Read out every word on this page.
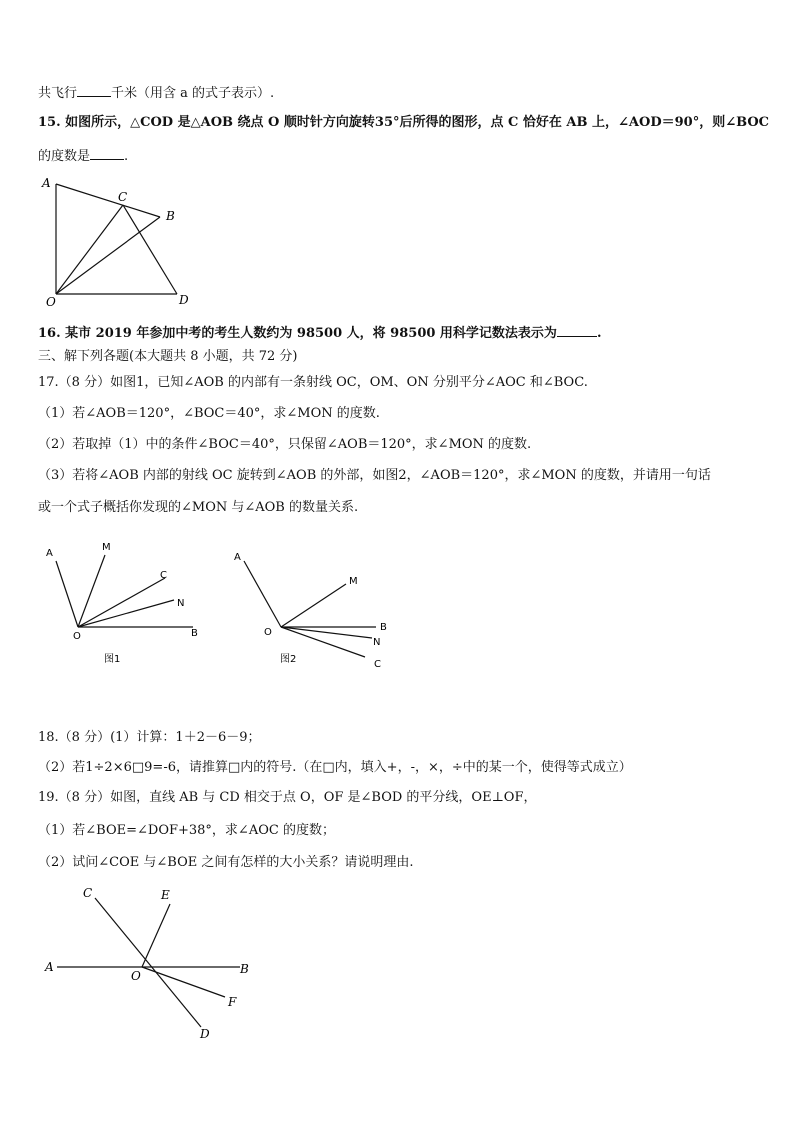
共飞行	千米（用含 a 的式子表示）.
15. 如图所示，△COD 是△AOB 绕点 O 顺时针方向旋转35°后所得的图形，点 C 恰好在 AB 上，∠AOD＝90°，则∠BOC
的度数是	.
A
C
B
O	D
16. 某市 2019 年参加中考的考生人数约为 98500 人，将 98500 用科学记数法表示为	.
三、解下列各题(本大题共 8 小题，共 72 分)
17.（8 分）如图1，已知∠AOB 的内部有一条射线 OC，OM、ON 分别平分∠AOC 和∠BOC.
（1）若∠AOB＝120°，∠BOC＝40°，求∠MON 的度数.
（2）若取掉（1）中的条件∠BOC＝40°，只保留∠AOB＝120°，求∠MON 的度数.
（3）若将∠AOB 内部的射线 OC 旋转到∠AOB 的外部，如图2，∠AOB＝120°，求∠MON 的度数，并请用一句话
或一个式子概括你发现的∠MON 与∠AOB 的数量关系.
A
M
C
N
O	B
图1
A
M
B
N
C
O
图2
18.（8 分）(1）计算：1＋2－6－9；
（2）若1÷2×6□9=-6，请推算□内的符号.（在□内，填入+，-，×，÷中的某一个，使得等式成立）
19.（8 分）如图，直线 AB 与 CD 相交于点 O，OF 是∠BOD 的平分线，OE⊥OF，
（1）若∠BOE=∠DOF+38°，求∠AOC 的度数；
（2）试问∠COE 与∠BOE 之间有怎样的大小关系？请说明理由.
C	E
A
O	B
F
D
